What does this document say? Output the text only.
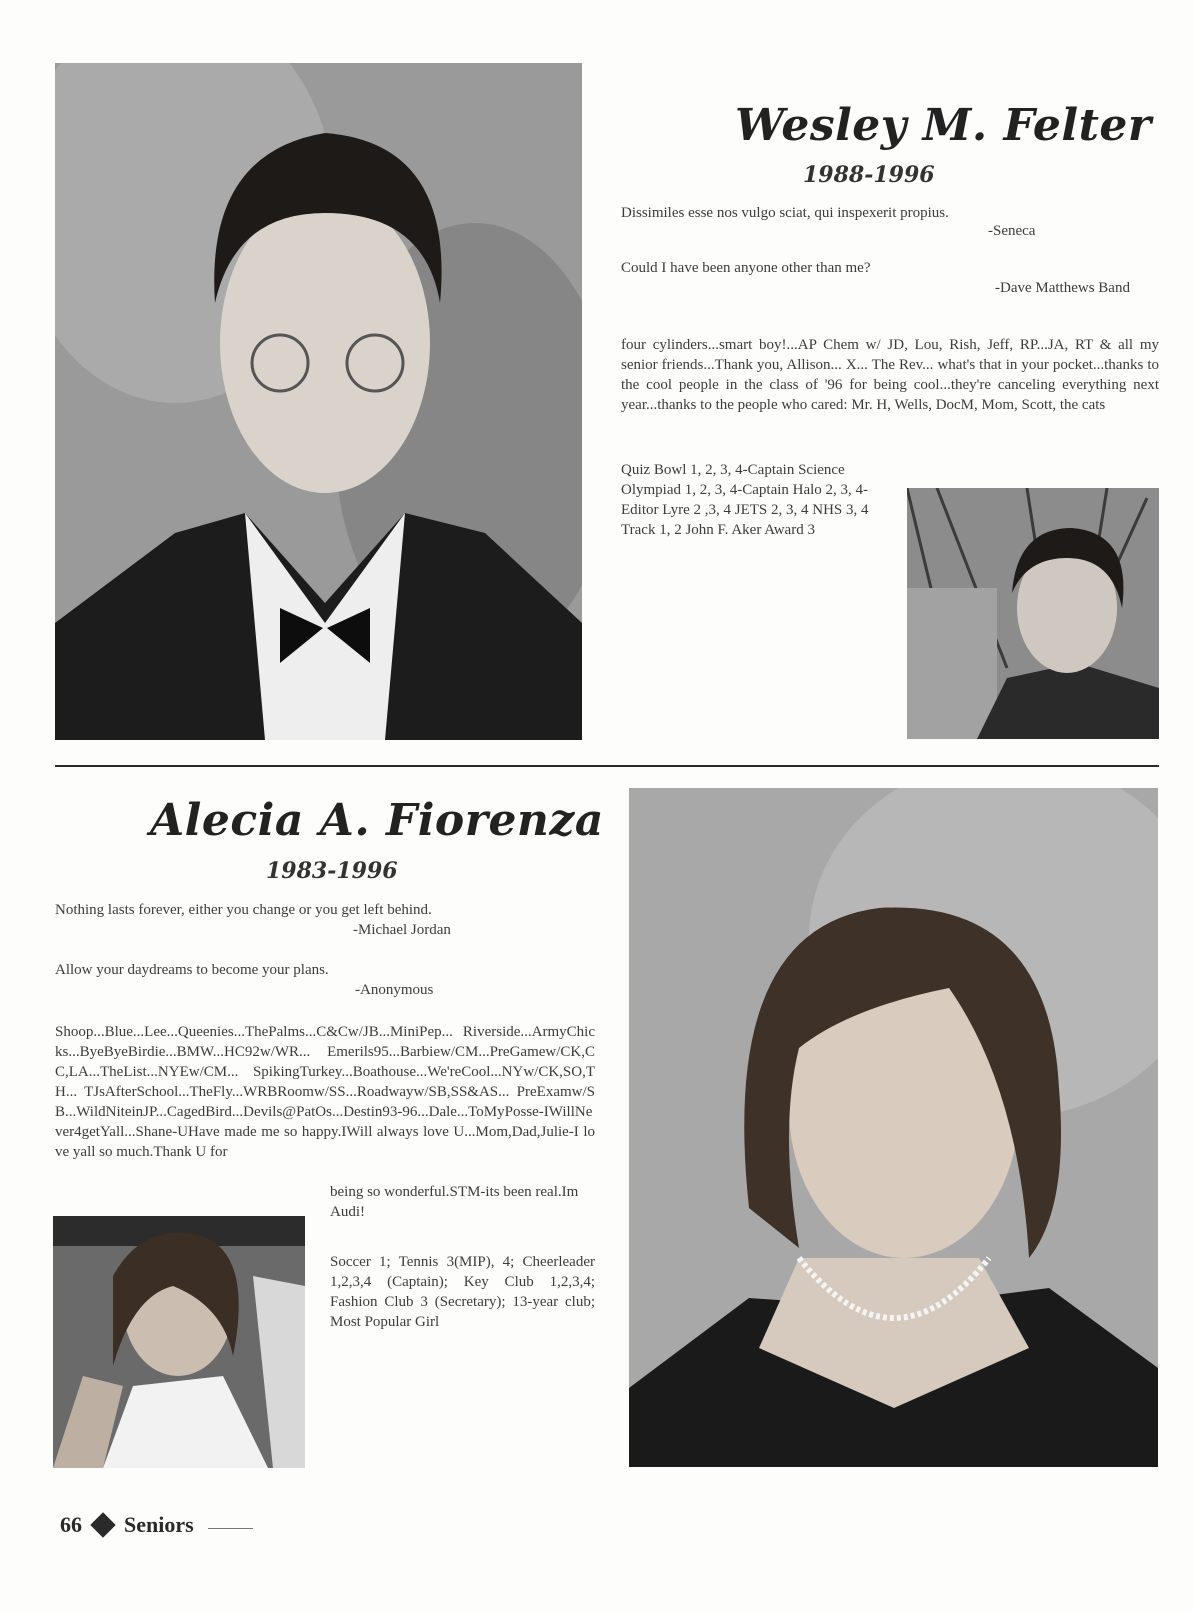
Wesley M. Felter
1988-1996
Dissimiles esse nos vulgo sciat, qui inspexerit propius.
-Seneca
Could I have been anyone other than me?
-Dave Matthews Band
four cylinders...smart boy!...AP Chem w/ JD, Lou, Rish, Jeff, RP...JA, RT & all my senior friends...Thank you, Allison... X... The Rev... what's that in your pocket...thanks to the cool people in the class of '96 for being cool...they're canceling everything next year...thanks to the people who cared: Mr. H, Wells, DocM, Mom, Scott, the cats
Quiz Bowl 1, 2, 3, 4-Captain Science Olympiad 1, 2, 3, 4-Captain Halo 2, 3, 4-Editor Lyre 2 ,3, 4 JETS 2, 3, 4 NHS 3, 4 Track 1, 2 John F. Aker Award 3
Alecia A. Fiorenza
1983-1996
Nothing lasts forever, either you change or you get left behind.
-Michael Jordan
Allow your daydreams to become your plans.
-Anonymous
Shoop...Blue...Lee...Queenies...ThePalms...C&Cw/JB...MiniPep... Riverside...ArmyChicks...ByeByeBirdie...BMW...HC92w/WR... Emerils95...Barbiew/CM...PreGamew/CK,CC,LA...TheList...NYEw/CM... SpikingTurkey...Boathouse...We'reCool...NYw/CK,SO,TH... TJsAfterSchool...TheFly...WRBRoomw/SS...Roadwayw/SB,SS&AS... PreExamw/SB...WildNiteinJP...CagedBird...Devils@PatOs...Destin93-96...Dale...ToMyPosse-IWillNever4getYall...Shane-UHave made me so happy.IWill always love U...Mom,Dad,Julie-I love yall so much.Thank U for
being so wonderful.STM-its been real.Im Audi!
Soccer 1; Tennis 3(MIP), 4; Cheerleader 1,2,3,4 (Captain); Key Club 1,2,3,4; Fashion Club 3 (Secretary); 13-year club; Most Popular Girl
66 Seniors
